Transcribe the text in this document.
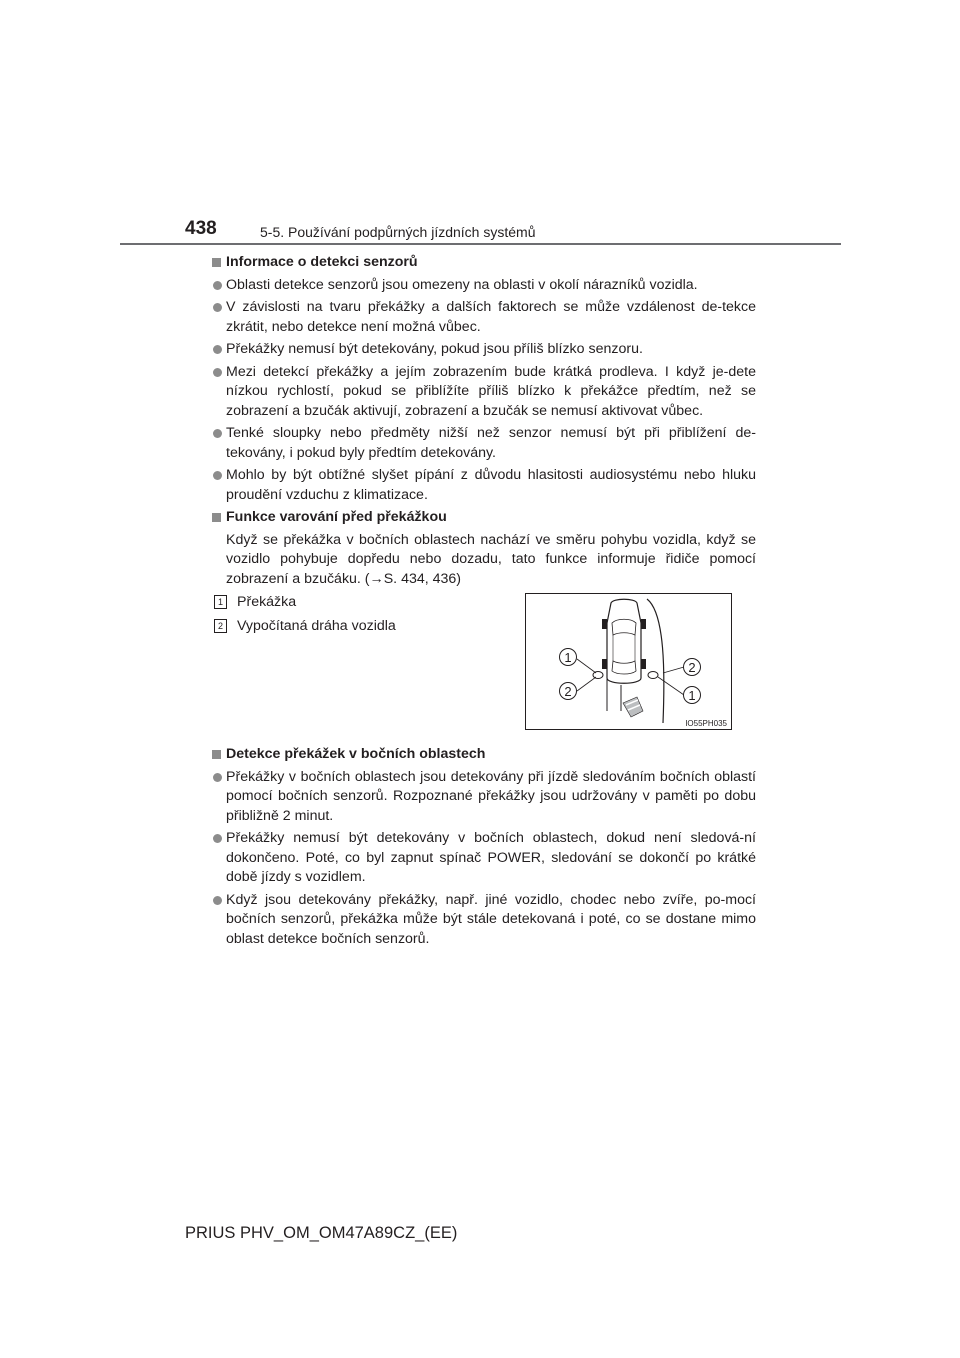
438	5-5. Používání podpůrných jízdních systémů
Informace o detekci senzorů
Oblasti detekce senzorů jsou omezeny na oblasti v okolí nárazníků vozidla.
V závislosti na tvaru překážky a dalších faktorech se může vzdálenost de-tekce zkrátit, nebo detekce není možná vůbec.
Překážky nemusí být detekovány, pokud jsou příliš blízko senzoru.
Mezi detekcí překážky a jejím zobrazením bude krátká prodleva. I když je-dete nízkou rychlostí, pokud se přiblížíte příliš blízko k překážce předtím, než se zobrazení a bzučák aktivují, zobrazení a bzučák se nemusí aktivovat vůbec.
Tenké sloupky nebo předměty nižší než senzor nemusí být při přiblížení de-tekovány, i pokud byly předtím detekovány.
Mohlo by být obtížné slyšet pípání z důvodu hlasitosti audiosystému nebo hluku proudění vzduchu z klimatizace.
Funkce varování před překážkou
Když se překážka v bočních oblastech nachází ve směru pohybu vozidla, když se vozidlo pohybuje dopředu nebo dozadu, tato funkce informuje řidiče pomocí zobrazení a bzučáku. (→S. 434, 436)
1 Překážka
2 Vypočítaná dráha vozidla
1
2
2
1
IO55PH035
Detekce překážek v bočních oblastech
Překážky v bočních oblastech jsou detekovány při jízdě sledováním bočních oblastí pomocí bočních senzorů. Rozpoznané překážky jsou udržovány v paměti po dobu přibližně 2 minut.
Překážky nemusí být detekovány v bočních oblastech, dokud není sledová-ní dokončeno. Poté, co byl zapnut spínač POWER, sledování se dokončí po krátké době jízdy s vozidlem.
Když jsou detekovány překážky, např. jiné vozidlo, chodec nebo zvíře, po-mocí bočních senzorů, překážka může být stále detekovaná i poté, co se dostane mimo oblast detekce bočních senzorů.
PRIUS PHV_OM_OM47A89CZ_(EE)
